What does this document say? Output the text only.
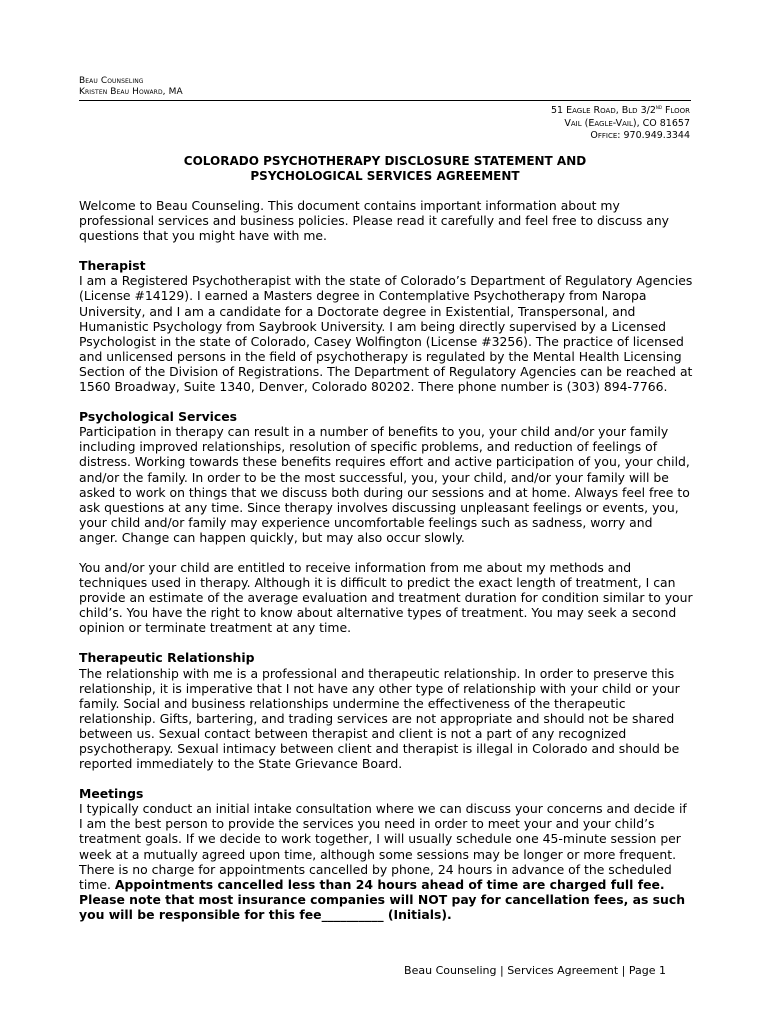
Beau Counseling
Kristen Beau Howard, MA
51 Eagle Road, Bld 3/2nd Floor
Vail (Eagle-Vail), CO 81657
Office: 970.949.3344
COLORADO PSYCHOTHERAPY DISCLOSURE STATEMENT AND
PSYCHOLOGICAL SERVICES AGREEMENT

Welcome to Beau Counseling. This document contains important information about my professional services and business policies. Please read it carefully and feel free to discuss any questions that you might have with me.

Therapist
I am a Registered Psychotherapist with the state of Colorado’s Department of Regulatory Agencies (License #14129). I earned a Masters degree in Contemplative Psychotherapy from Naropa University, and I am a candidate for a Doctorate degree in Existential, Transpersonal, and Humanistic Psychology from Saybrook University. I am being directly supervised by a Licensed Psychologist in the state of Colorado, Casey Wolfington (License #3256). The practice of licensed and unlicensed persons in the field of psychotherapy is regulated by the Mental Health Licensing Section of the Division of Registrations. The Department of Regulatory Agencies can be reached at 1560 Broadway, Suite 1340, Denver, Colorado 80202. There phone number is (303) 894-7766.

Psychological Services
Participation in therapy can result in a number of benefits to you, your child and/or your family including improved relationships, resolution of specific problems, and reduction of feelings of distress. Working towards these benefits requires effort and active participation of you, your child, and/or the family. In order to be the most successful, you, your child, and/or your family will be asked to work on things that we discuss both during our sessions and at home. Always feel free to ask questions at any time. Since therapy involves discussing unpleasant feelings or events, you, your child and/or family may experience uncomfortable feelings such as sadness, worry and anger. Change can happen quickly, but may also occur slowly.

You and/or your child are entitled to receive information from me about my methods and techniques used in therapy. Although it is difficult to predict the exact length of treatment, I can provide an estimate of the average evaluation and treatment duration for condition similar to your child’s. You have the right to know about alternative types of treatment. You may seek a second opinion or terminate treatment at any time.

Therapeutic Relationship
The relationship with me is a professional and therapeutic relationship. In order to preserve this relationship, it is imperative that I not have any other type of relationship with your child or your family. Social and business relationships undermine the effectiveness of the therapeutic relationship. Gifts, bartering, and trading services are not appropriate and should not be shared between us. Sexual contact between therapist and client is not a part of any recognized psychotherapy. Sexual intimacy between client and therapist is illegal in Colorado and should be reported immediately to the State Grievance Board.

Meetings
I typically conduct an initial intake consultation where we can discuss your concerns and decide if I am the best person to provide the services you need in order to meet your and your child’s treatment goals. If we decide to work together, I will usually schedule one 45-minute session per week at a mutually agreed upon time, although some sessions may be longer or more frequent. There is no charge for appointments cancelled by phone, 24 hours in advance of the scheduled time. Appointments cancelled less than 24 hours ahead of time are charged full fee. Please note that most insurance companies will NOT pay for cancellation fees, as such you will be responsible for this fee__________ (Initials).

Beau Counseling | Services Agreement | Page 1
